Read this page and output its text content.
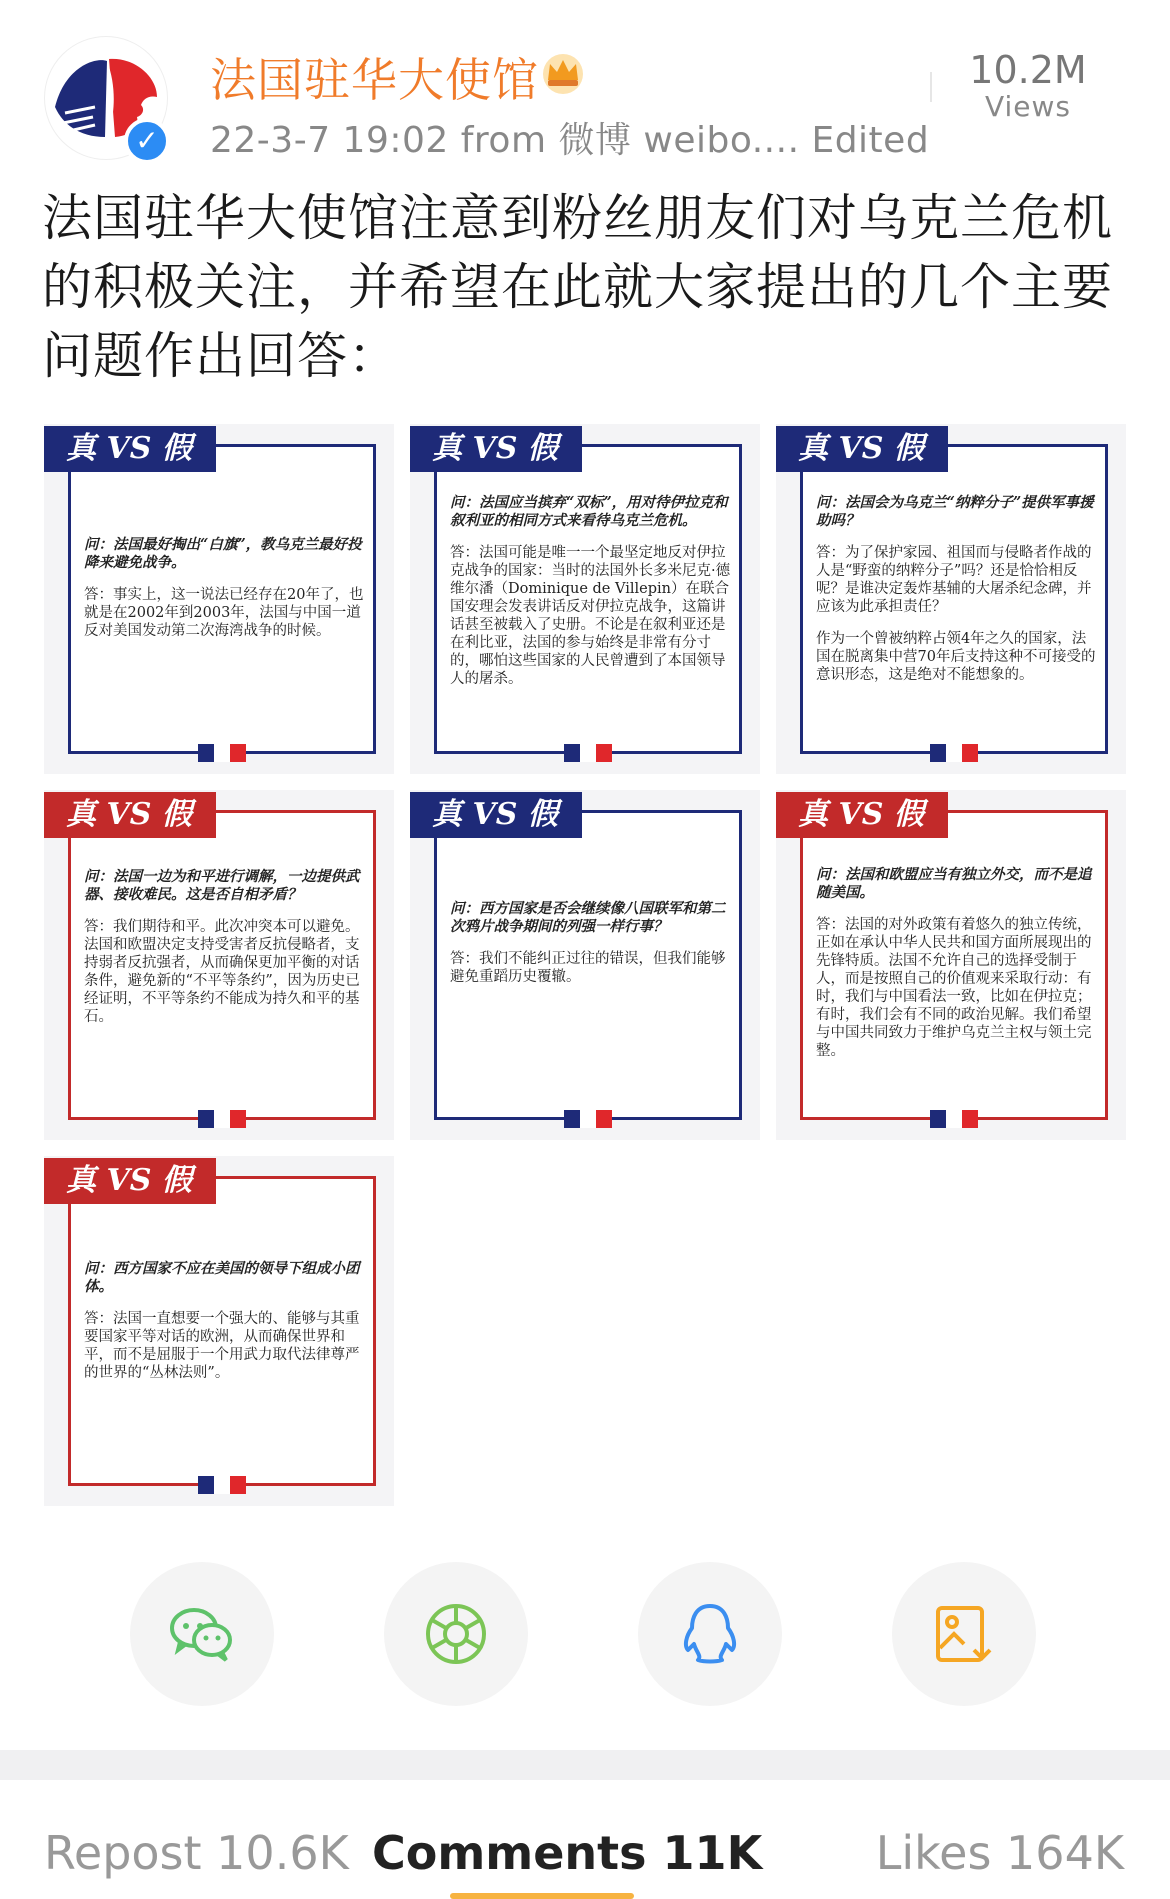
✓
法国驻华大使馆
22-3-7 19:02 from 微博 weibo.... Edited
10.2M
Views
法国驻华大使馆注意到粉丝朋友们对乌克兰危机的积极关注，并希望在此就大家提出的几个主要问题作出回答：
真 VS 假
问：法国最好掏出“白旗”，教乌克兰最好投降来避免战争。
答：事实上，这一说法已经存在20年了，也就是在2002年到2003年，法国与中国一道反对美国发动第二次海湾战争的时候。
真 VS 假
问：法国应当摈弃“双标”，用对待伊拉克和叙利亚的相同方式来看待乌克兰危机。
答：法国可能是唯一一个最坚定地反对伊拉克战争的国家：当时的法国外长多米尼克·德维尔潘（Dominique de Villepin）在联合国安理会发表讲话反对伊拉克战争，这篇讲话甚至被载入了史册。不论是在叙利亚还是在利比亚，法国的参与始终是非常有分寸的，哪怕这些国家的人民曾遭到了本国领导人的屠杀。
真 VS 假
问：法国会为乌克兰“纳粹分子”提供军事援助吗？
答：为了保护家园、祖国而与侵略者作战的人是“野蛮的纳粹分子”吗？还是恰恰相反呢？是谁决定轰炸基辅的大屠杀纪念碑，并应该为此承担责任？
作为一个曾被纳粹占领4年之久的国家，法国在脱离集中营70年后支持这种不可接受的意识形态，这是绝对不能想象的。
真 VS 假
问：法国一边为和平进行调解，一边提供武器、接收难民。这是否自相矛盾？
答：我们期待和平。此次冲突本可以避免。法国和欧盟决定支持受害者反抗侵略者，支持弱者反抗强者，从而确保更加平衡的对话条件，避免新的“不平等条约”，因为历史已经证明，不平等条约不能成为持久和平的基石。
真 VS 假
问：西方国家是否会继续像八国联军和第二次鸦片战争期间的列强一样行事？
答：我们不能纠正过往的错误，但我们能够避免重蹈历史覆辙。
真 VS 假
问：法国和欧盟应当有独立外交，而不是追随美国。
答：法国的对外政策有着悠久的独立传统，正如在承认中华人民共和国方面所展现出的先锋特质。法国不允许自己的选择受制于人，而是按照自己的价值观来采取行动：有时，我们与中国看法一致，比如在伊拉克；有时，我们会有不同的政治见解。我们希望与中国共同致力于维护乌克兰主权与领土完整。
真 VS 假
问：西方国家不应在美国的领导下组成小团体。
答：法国一直想要一个强大的、能够与其重要国家平等对话的欧洲，从而确保世界和平，而不是屈服于一个用武力取代法律尊严的世界的“丛林法则”。
Repost 10.6K Comments 11K Likes 164K
